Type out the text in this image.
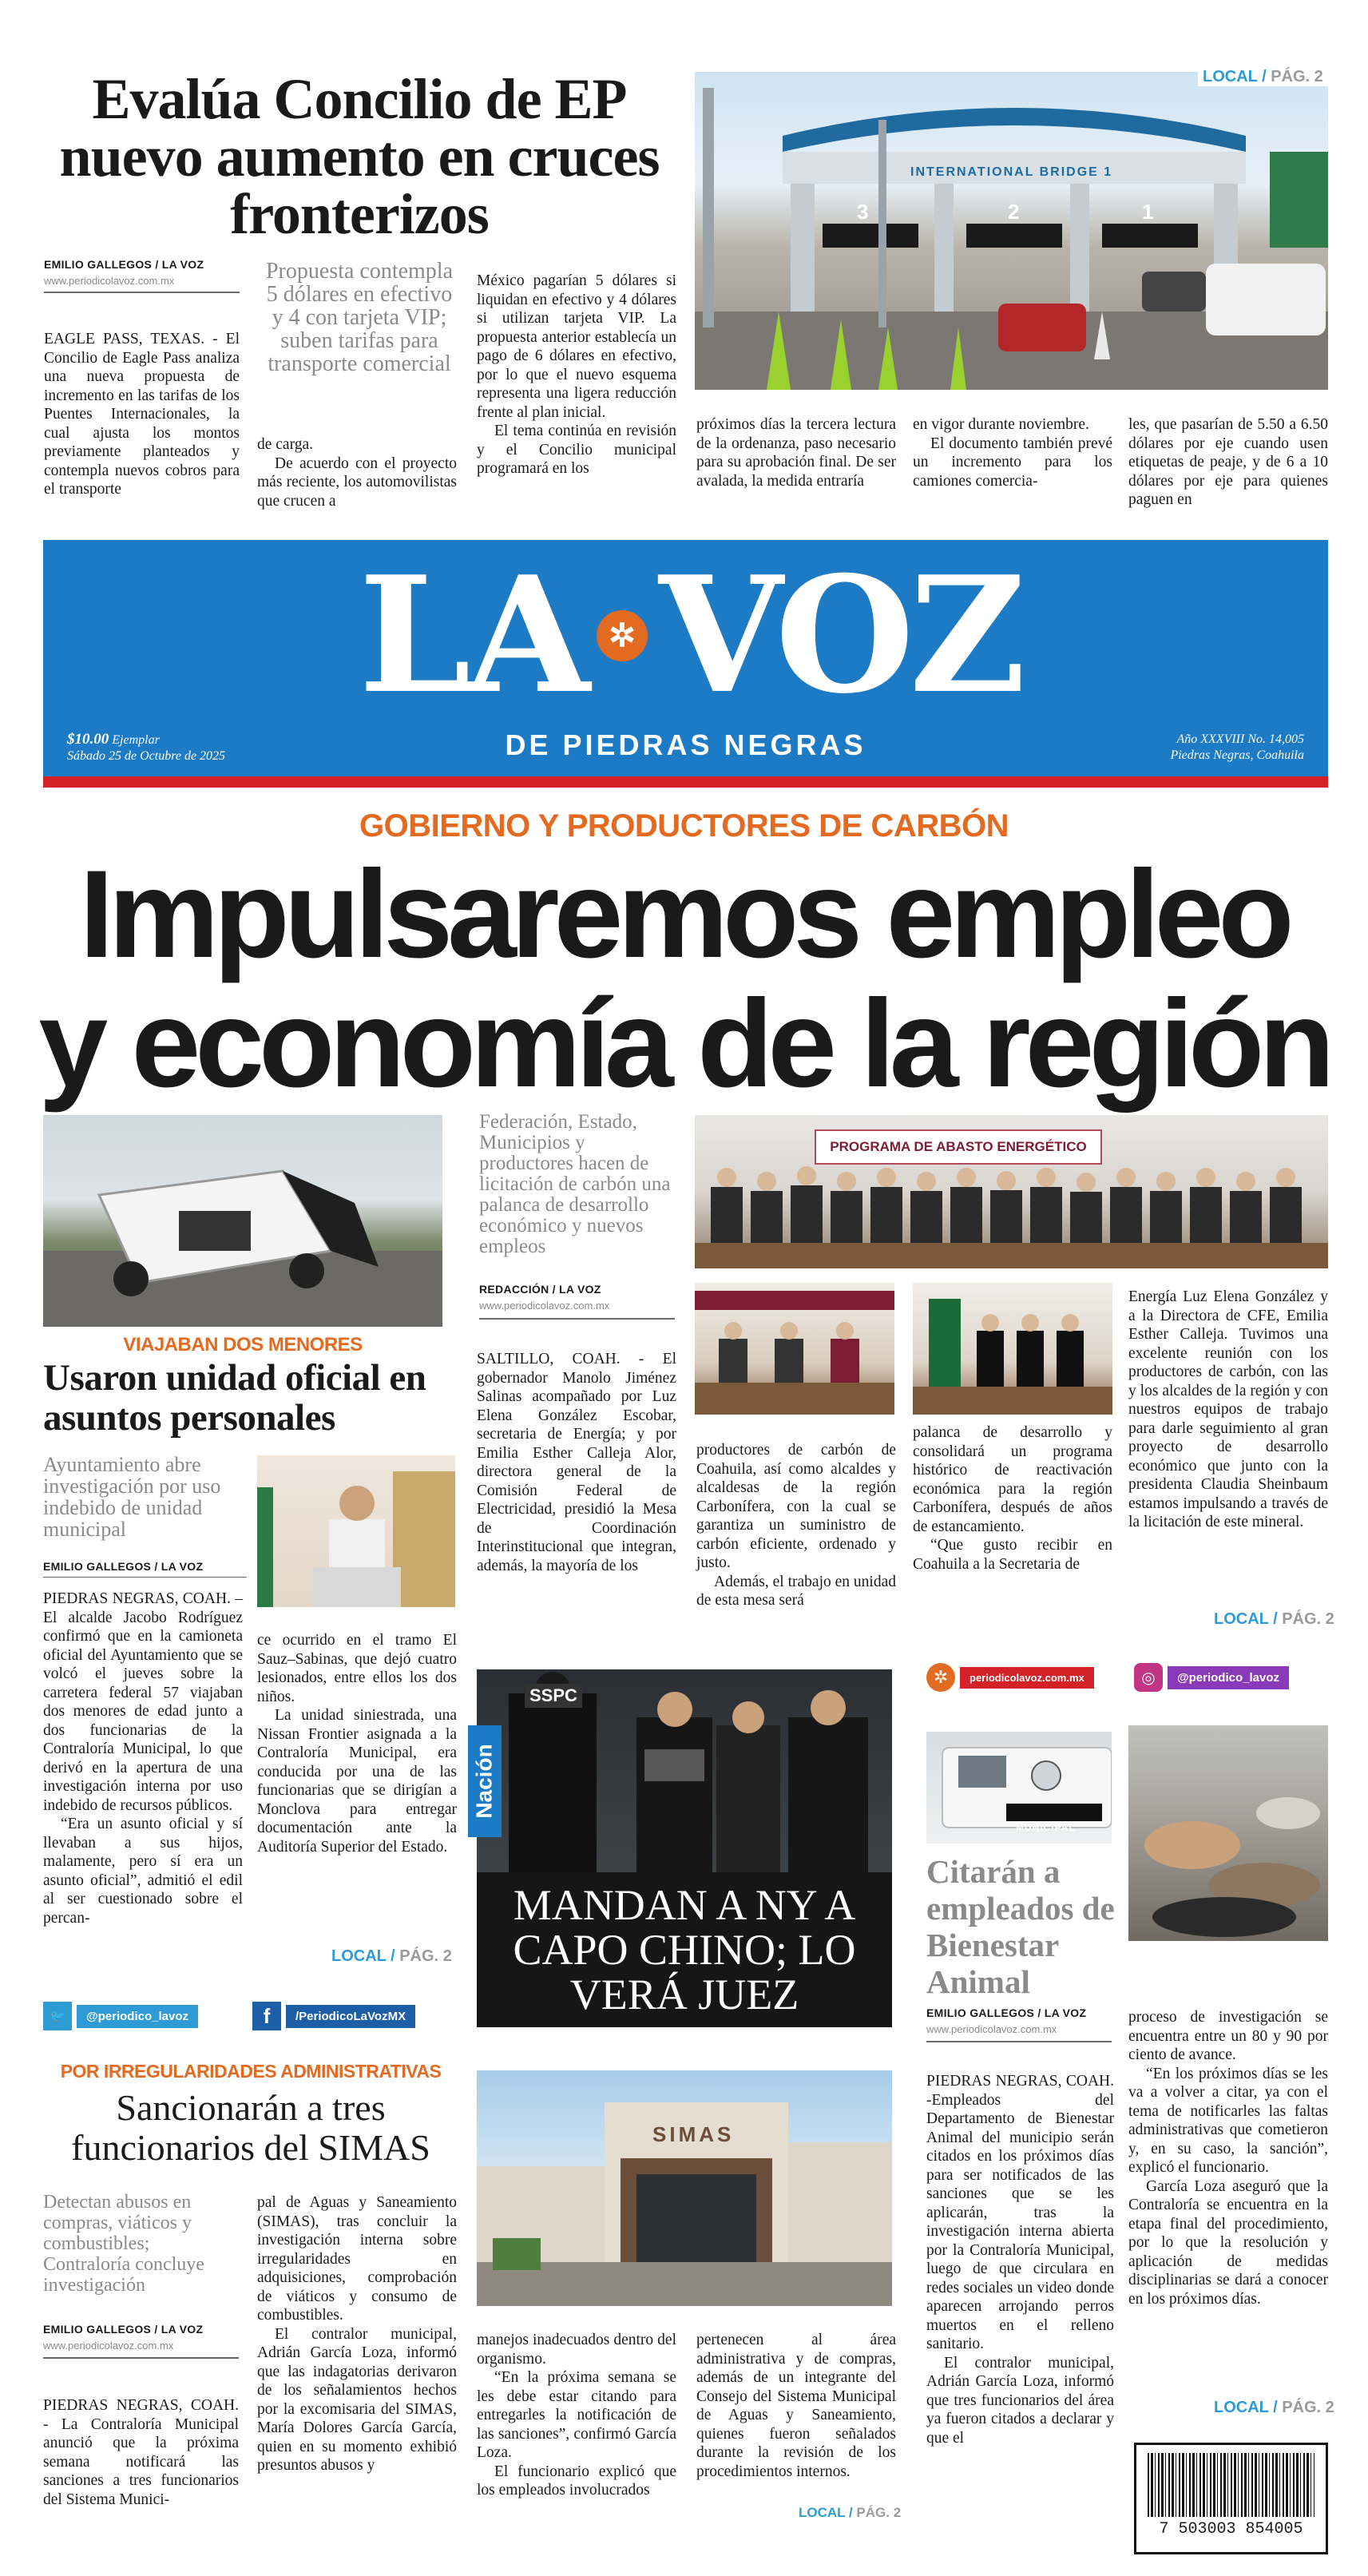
Evalúa Concilio de EP nuevo aumento en cruces fronterizos
EMILIO GALLEGOS / LA VOZ
www.periodicolavoz.com.mx	Propuesta contempla 5 dólares en efectivo y 4 con tarjeta VIP; suben tarifas para transporte comercial

EAGLE PASS, TEXAS. - El Concilio de Eagle Pass analiza una nueva propuesta de incremento en las tarifas de los Puentes Internacionales, la cual ajusta los montos previamente planteados y contempla nuevos cobros para el transporte

de carga.

De acuerdo con el proyecto más reciente, los automovilistas que crucen a

México pagarían 5 dólares si liquidan en efectivo y 4 dólares si utilizan tarjeta VIP. La propuesta anterior establecía un pago de 6 dólares en efectivo, por lo que el nuevo esquema representa una ligera reducción frente al plan inicial.

El tema continúa en revisión y el Concilio municipal programará en los

próximos días la tercera lectura de la ordenanza, paso necesario para su aprobación final. De ser avalada, la medida entraría

en vigor durante noviembre.

El documento también prevé un incremento para los camiones comercia-

les, que pasarían de 5.50 a 6.50 dólares por eje cuando usen etiquetas de peaje, y de 6 a 10 dólares por eje para quienes paguen en

INTERNATIONAL BRIDGE 1
3	2	1
LOCAL / PÁG. 2
LA ✲ VOZ
DE PIEDRAS NEGRAS
$10.00 Ejemplar
Sábado 25 de Octubre de 2025
Año XXXVIII No. 14,005
Piedras Negras, Coahuila
GOBIERNO Y PRODUCTORES DE CARBÓN
Impulsaremos empleo
y economía de la región
Federación, Estado, Municipios y productores hacen de licitación de carbón una palanca de desarrollo económico y nuevos empleos
REDACCIÓN / LA VOZ
www.periodicolavoz.com.mx
PROGRAMA DE ABASTO ENERGÉTICO

SALTILLO, COAH. - El gobernador Manolo Jiménez Salinas acompañado por Luz Elena González Escobar, secretaria de Energía; y por Emilia Esther Calleja Alor, directora general de la Comisión Federal de Electricidad, presidió la Mesa de Coordinación Interinstitucional que integran, además, la mayoría de los

productores de carbón de Coahuila, así como alcaldes y alcaldesas de la región Carbonífera, con la cual se garantiza un suministro de carbón eficiente, ordenado y justo.

Además, el trabajo en unidad de esta mesa será

palanca de desarrollo y consolidará un programa histórico de reactivación económica para la región Carbonífera, después de años de estancamiento.

“Que gusto recibir en Coahuila a la Secretaria de

Energía Luz Elena González y a la Directora de CFE, Emilia Esther Calleja. Tuvimos una excelente reunión con los productores de carbón, con las y los alcaldes de la región y con nuestros equipos de trabajo para darle seguimiento al gran proyecto de desarrollo económico que junto con la presidenta Claudia Sheinbaum estamos impulsando a través de la licitación de este mineral.

LOCAL / PÁG. 2
VIAJABAN DOS MENORES
Usaron unidad oficial en asuntos personales
Ayuntamiento abre investigación por uso indebido de unidad municipal
EMILIO GALLEGOS / LA VOZ

PIEDRAS NEGRAS, COAH. – El alcalde Jacobo Rodríguez confirmó que en la camioneta oficial del Ayuntamiento que se volcó el jueves sobre la carretera federal 57 viajaban dos menores de edad junto a dos funcionarias de la Contraloría Municipal, lo que derivó en la apertura de una investigación interna por uso indebido de recursos públicos.

“Era un asunto oficial y sí llevaban a sus hijos, malamente, pero sí era un asunto oficial”, admitió el edil al ser cuestionado sobre el percan-

ce ocurrido en el tramo El Sauz–Sabinas, que dejó cuatro lesionados, entre ellos los dos niños.

La unidad siniestrada, una Nissan Frontier asignada a la Contraloría Municipal, era conducida por una de las funcionarias que se dirigían a Monclova para entregar documentación ante la Auditoría Superior del Estado.

LOCAL / PÁG. 2
🐦	@periodico_lavoz	f	/PeriodicoLaVozMX
SSPC
Nación
MANDAN A NY A CAPO CHINO; LO VERÁ JUEZ
✲	periodicolavoz.com.mx	◎	@periodico_lavoz
MUNICIPAL
Citarán a empleados de Bienestar Animal
EMILIO GALLEGOS / LA VOZ
www.periodicolavoz.com.mx

PIEDRAS NEGRAS, COAH. -Empleados del Departamento de Bienestar Animal del municipio serán citados en los próximos días para ser notificados de las sanciones que se les aplicarán, tras la investigación interna abierta por la Contraloría Municipal, luego de que circulara en redes sociales un video donde aparecen arrojando perros muertos en el relleno sanitario.

El contralor municipal, Adrián García Loza, informó que tres funcionarios del área ya fueron citados a declarar y que el

proceso de investigación se encuentra entre un 80 y 90 por ciento de avance.

“En los próximos días se les va a volver a citar, ya con el tema de notificarles las faltas administrativas que cometieron y, en su caso, la sanción”, explicó el funcionario.

García Loza aseguró que la Contraloría se encuentra en la etapa final del procedimiento, por lo que la resolución y aplicación de medidas disciplinarias se dará a conocer en los próximos días.

LOCAL / PÁG. 2
7 503003 854005
POR IRREGULARIDADES ADMINISTRATIVAS
Sancionarán a tres funcionarios del SIMAS
Detectan abusos en compras, viáticos y combustibles; Contraloría concluye investigación
EMILIO GALLEGOS / LA VOZ
www.periodicolavoz.com.mx
SIMAS

PIEDRAS NEGRAS, COAH. - La Contraloría Municipal anunció que la próxima semana notificará las sanciones a tres funcionarios del Sistema Munici-

pal de Aguas y Saneamiento (SIMAS), tras concluir la investigación interna sobre irregularidades en adquisiciones, comprobación de viáticos y consumo de combustibles.

El contralor municipal, Adrián García Loza, informó que las indagatorias derivaron de los señalamientos hechos por la excomisaria del SIMAS, María Dolores García García, quien en su momento exhibió presuntos abusos y

manejos inadecuados dentro del organismo.

“En la próxima semana se les debe estar citando para entregarles la notificación de las sanciones”, confirmó García Loza.

El funcionario explicó que los empleados involucrados

pertenecen al área administrativa y de compras, además de un integrante del Consejo del Sistema Municipal de Aguas y Saneamiento, quienes fueron señalados durante la revisión de los procedimientos internos.

LOCAL / PÁG. 2
